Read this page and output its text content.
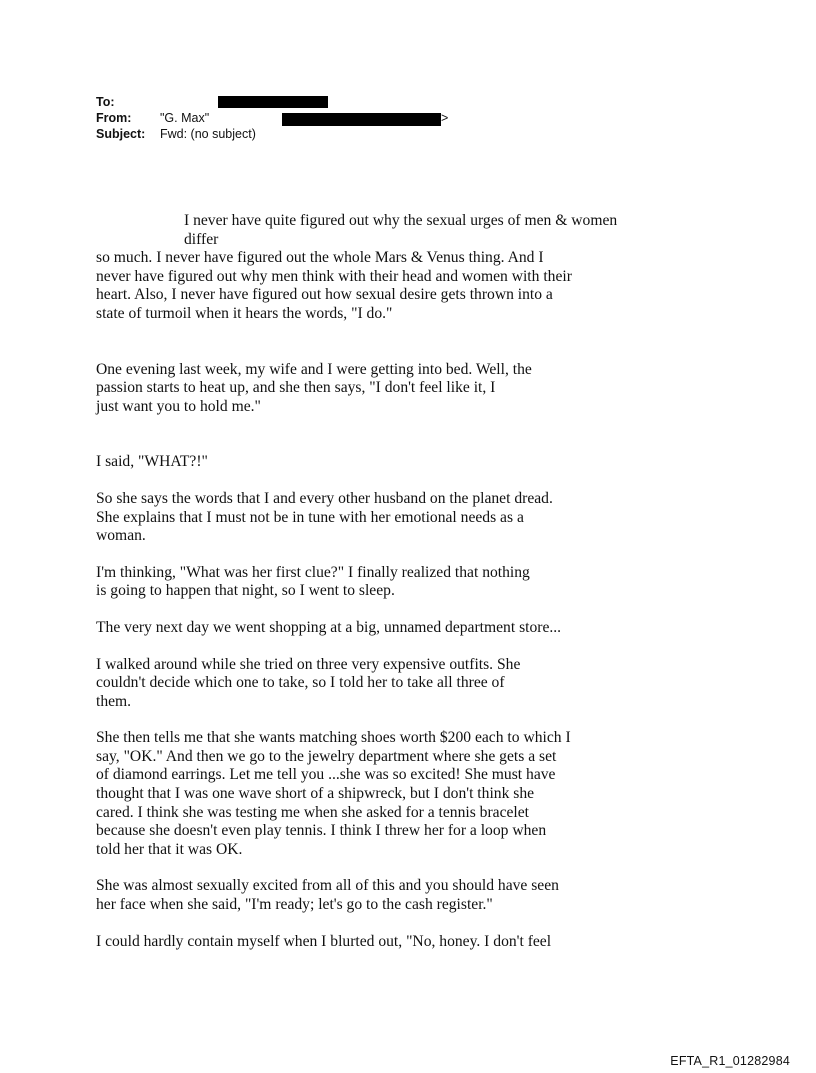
To:
From: "G. Max"	>
Subject: Fwd: (no subject)

I never have quite figured out why the sexual urges of men & women differ
so much. I never have figured out the whole Mars & Venus thing. And I
never have figured out why men think with their head and women with their
heart. Also, I never have figured out how sexual desire gets thrown into a
state of turmoil when it hears the words, "I do."

One evening last week, my wife and I were getting into bed. Well, the
passion starts to heat up, and she then says, "I don't feel like it, I
just want you to hold me."

I said, "WHAT?!"

So she says the words that I and every other husband on the planet dread.
She explains that I must not be in tune with her emotional needs as a
woman.

I'm thinking, "What was her first clue?" I finally realized that nothing
is going to happen that night, so I went to sleep.

The very next day we went shopping at a big, unnamed department store...

I walked around while she tried on three very expensive outfits. She
couldn't decide which one to take, so I told her to take all three of
them.

She then tells me that she wants matching shoes worth $200 each to which I
say, "OK." And then we go to the jewelry department where she gets a set
of diamond earrings. Let me tell you ...she was so excited! She must have
thought that I was one wave short of a shipwreck, but I don't think she
cared. I think she was testing me when she asked for a tennis bracelet
because she doesn't even play tennis. I think I threw her for a loop when
told her that it was OK.

She was almost sexually excited from all of this and you should have seen
her face when she said, "I'm ready; let's go to the cash register."

I could hardly contain myself when I blurted out, "No, honey. I don't feel

EFTA_R1_01282984
